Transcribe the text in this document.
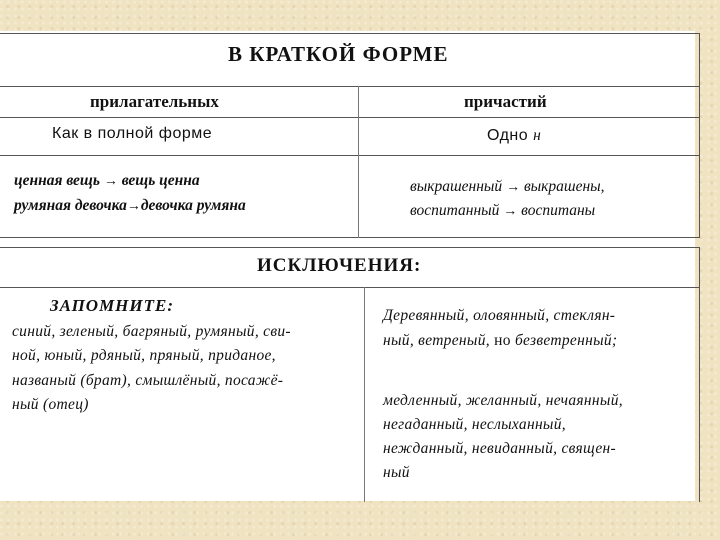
В КРАТКОЙ ФОРМЕ
прилагательных	причастий
Как в полной форме	Одно н
ценная вещь → вещь ценна
румяная девочка→девочка румяна
выкрашенный → выкрашены,
воспитанный → воспитаны
ИСКЛЮЧЕНИЯ:
ЗАПОМНИТЕ:
синий, зеленый, багряный, румяный, сви-
ной, юный, рдяный, пряный, приданое,
названый (брат), смышлёный, посажё-
ный (отец)
Деревянный, оловянный, стеклян-
ный, ветреный, но безветренный;
медленный, желанный, нечаянный,
негаданный, неслыханный,
нежданный, невиданный, священ-
ный
